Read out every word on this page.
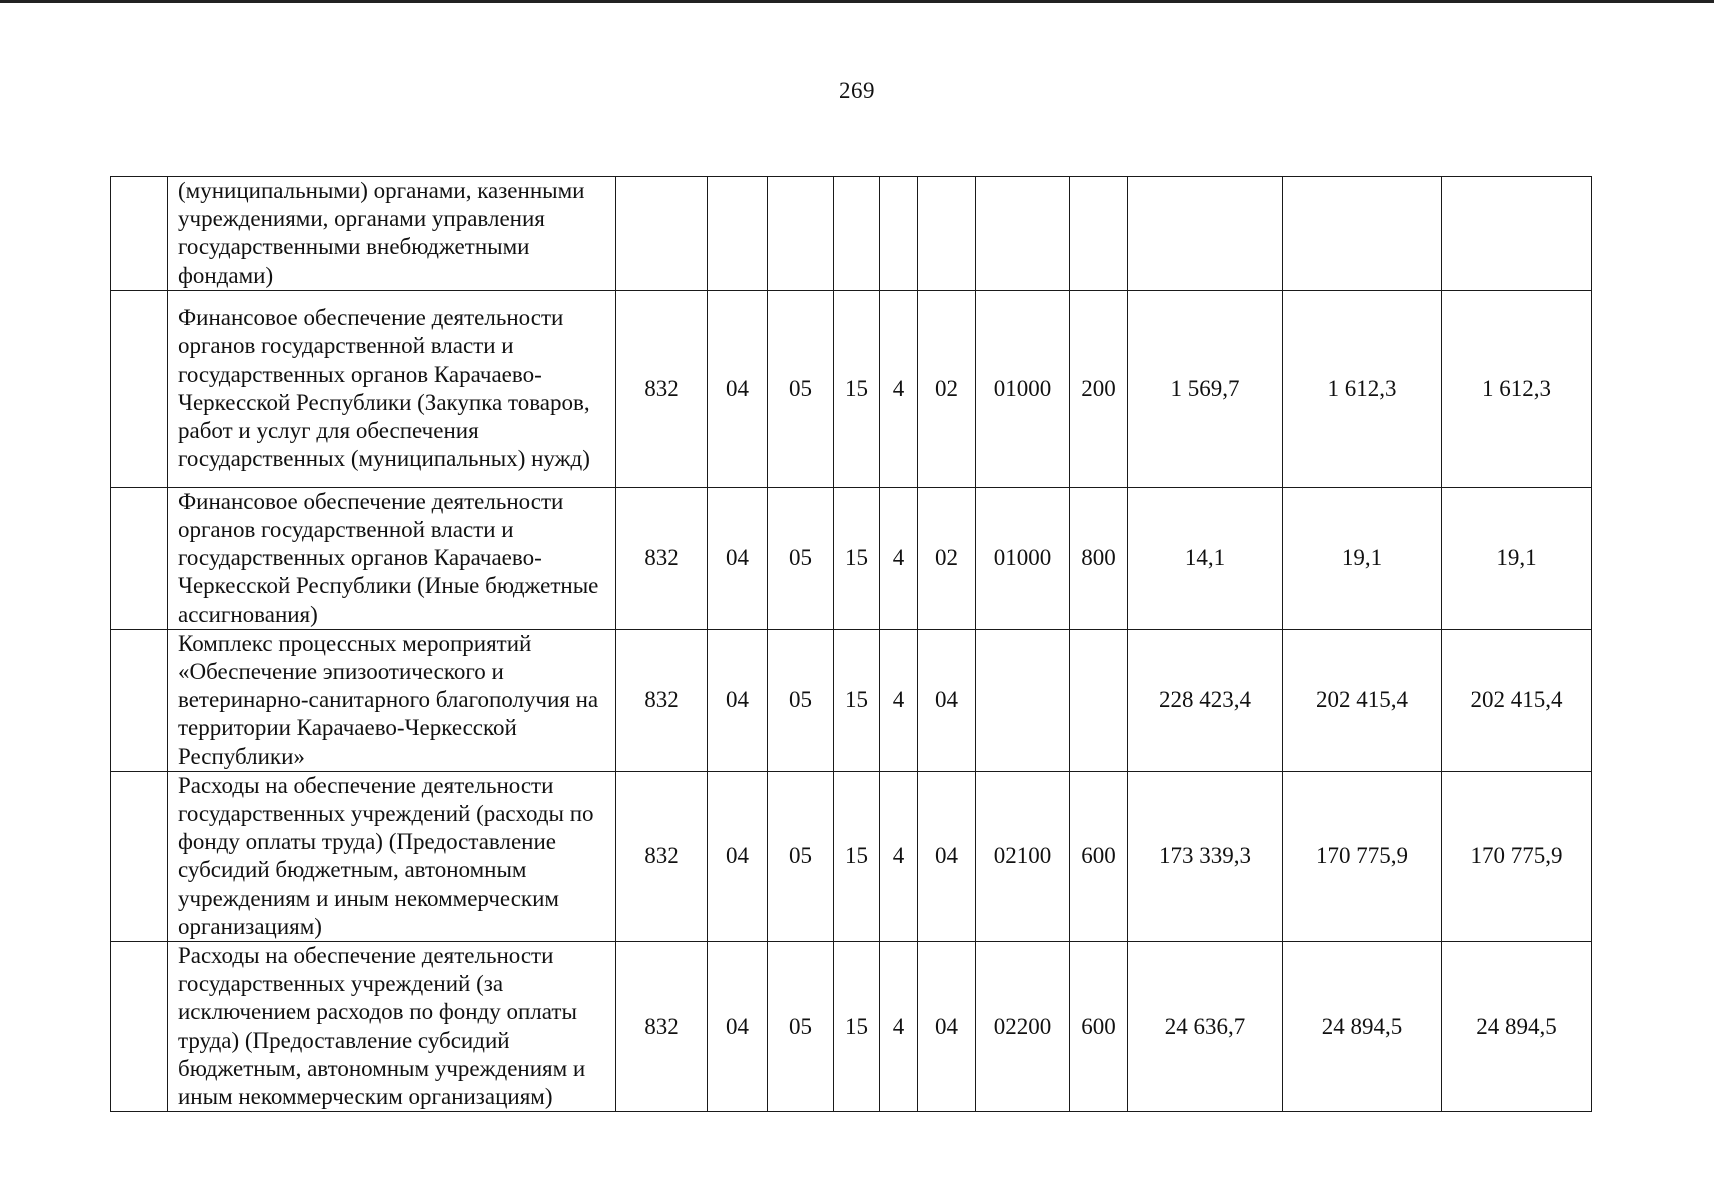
269
	(муниципальными) органами, казенными учреждениями, органами управления государственными внебюджетными фондами)											
	Финансовое обеспечение деятельности органов государственной власти и государственных органов Карачаево-Черкесской Республики (Закупка товаров, работ и услуг для обеспечения государственных (муниципальных) нужд)	832	04	05	15	4	02	01000	200	1 569,7	1 612,3	1 612,3
	Финансовое обеспечение деятельности органов государственной власти и государственных органов Карачаево-Черкесской Республики (Иные бюджетные ассигнования)	832	04	05	15	4	02	01000	800	14,1	19,1	19,1
	Комплекс процессных мероприятий «Обеспечение эпизоотического и ветеринарно-санитарного благополучия на территории Карачаево-Черкесской Республики»	832	04	05	15	4	04			228 423,4	202 415,4	202 415,4
	Расходы на обеспечение деятельности государственных учреждений (расходы по фонду оплаты труда) (Предоставление субсидий бюджетным, автономным учреждениям и иным некоммерческим организациям)	832	04	05	15	4	04	02100	600	173 339,3	170 775,9	170 775,9
	Расходы на обеспечение деятельности государственных учреждений (за исключением расходов по фонду оплаты труда) (Предоставление субсидий бюджетным, автономным учреждениям и иным некоммерческим организациям)	832	04	05	15	4	04	02200	600	24 636,7	24 894,5	24 894,5
